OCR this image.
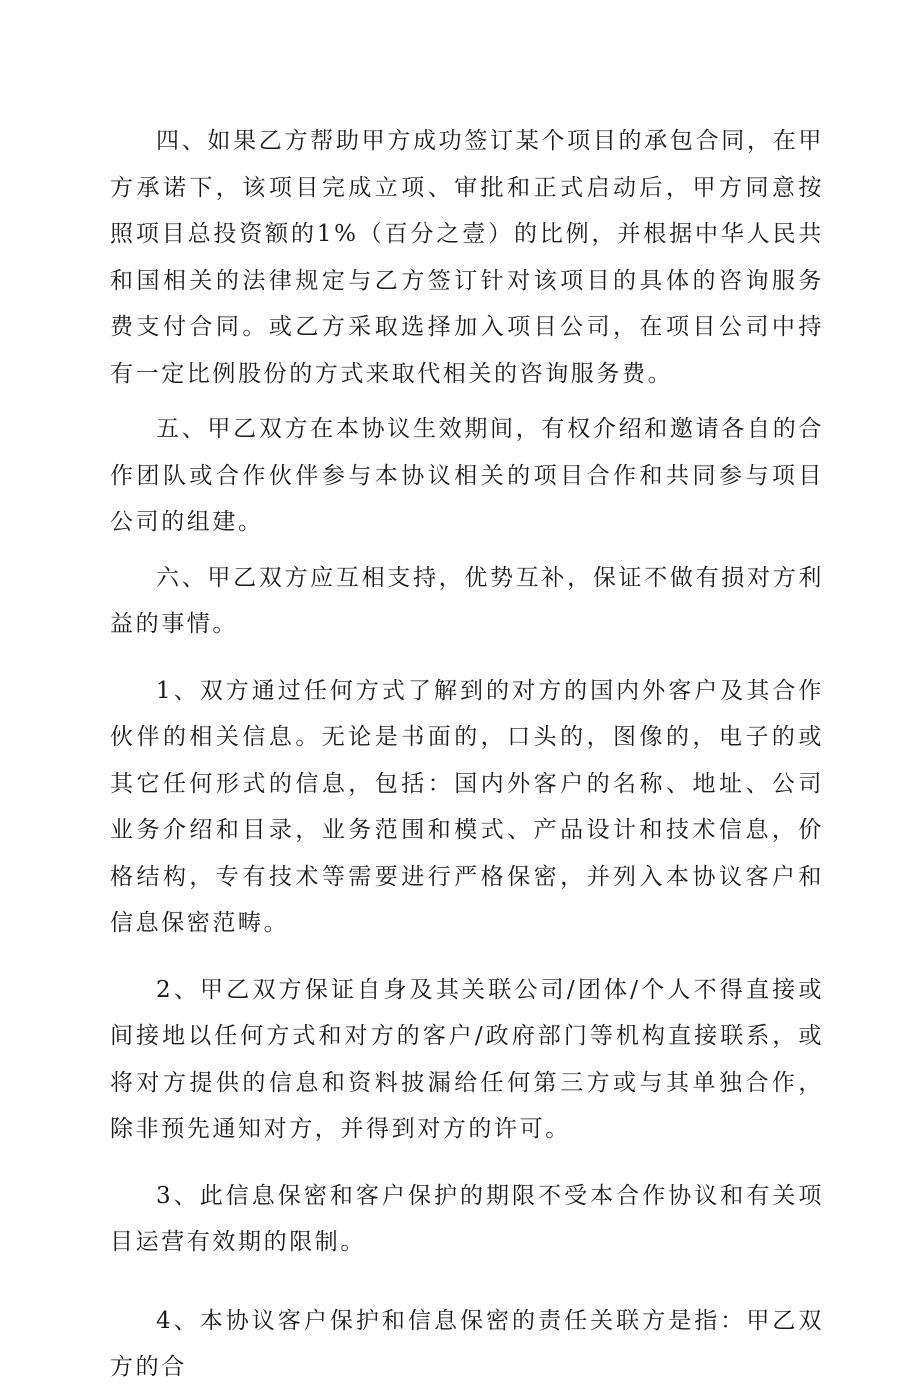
四、如果乙方帮助甲方成功签订某个项目的承包合同，在甲方承诺下，该项目完成立项、审批和正式启动后，甲方同意按照项目总投资额的1%（百分之壹）的比例，并根据中华人民共和国相关的法律规定与乙方签订针对该项目的具体的咨询服务费支付合同。或乙方采取选择加入项目公司，在项目公司中持有一定比例股份的方式来取代相关的咨询服务费。

五、甲乙双方在本协议生效期间，有权介绍和邀请各自的合作团队或合作伙伴参与本协议相关的项目合作和共同参与项目公司的组建。

六、甲乙双方应互相支持，优势互补，保证不做有损对方利益的事情。

1、双方通过任何方式了解到的对方的国内外客户及其合作伙伴的相关信息。无论是书面的，口头的，图像的，电子的或其它任何形式的信息，包括：国内外客户的名称、地址、公司业务介绍和目录，业务范围和模式、产品设计和技术信息，价格结构，专有技术等需要进行严格保密，并列入本协议客户和信息保密范畴。

2、甲乙双方保证自身及其关联公司/团体/个人不得直接或间接地以任何方式和对方的客户/政府部门等机构直接联系，或将对方提供的信息和资料披漏给任何第三方或与其单独合作，除非预先通知对方，并得到对方的许可。

3、此信息保密和客户保护的期限不受本合作协议和有关项目运营有效期的限制。

4、本协议客户保护和信息保密的责任关联方是指：甲乙双方的合
